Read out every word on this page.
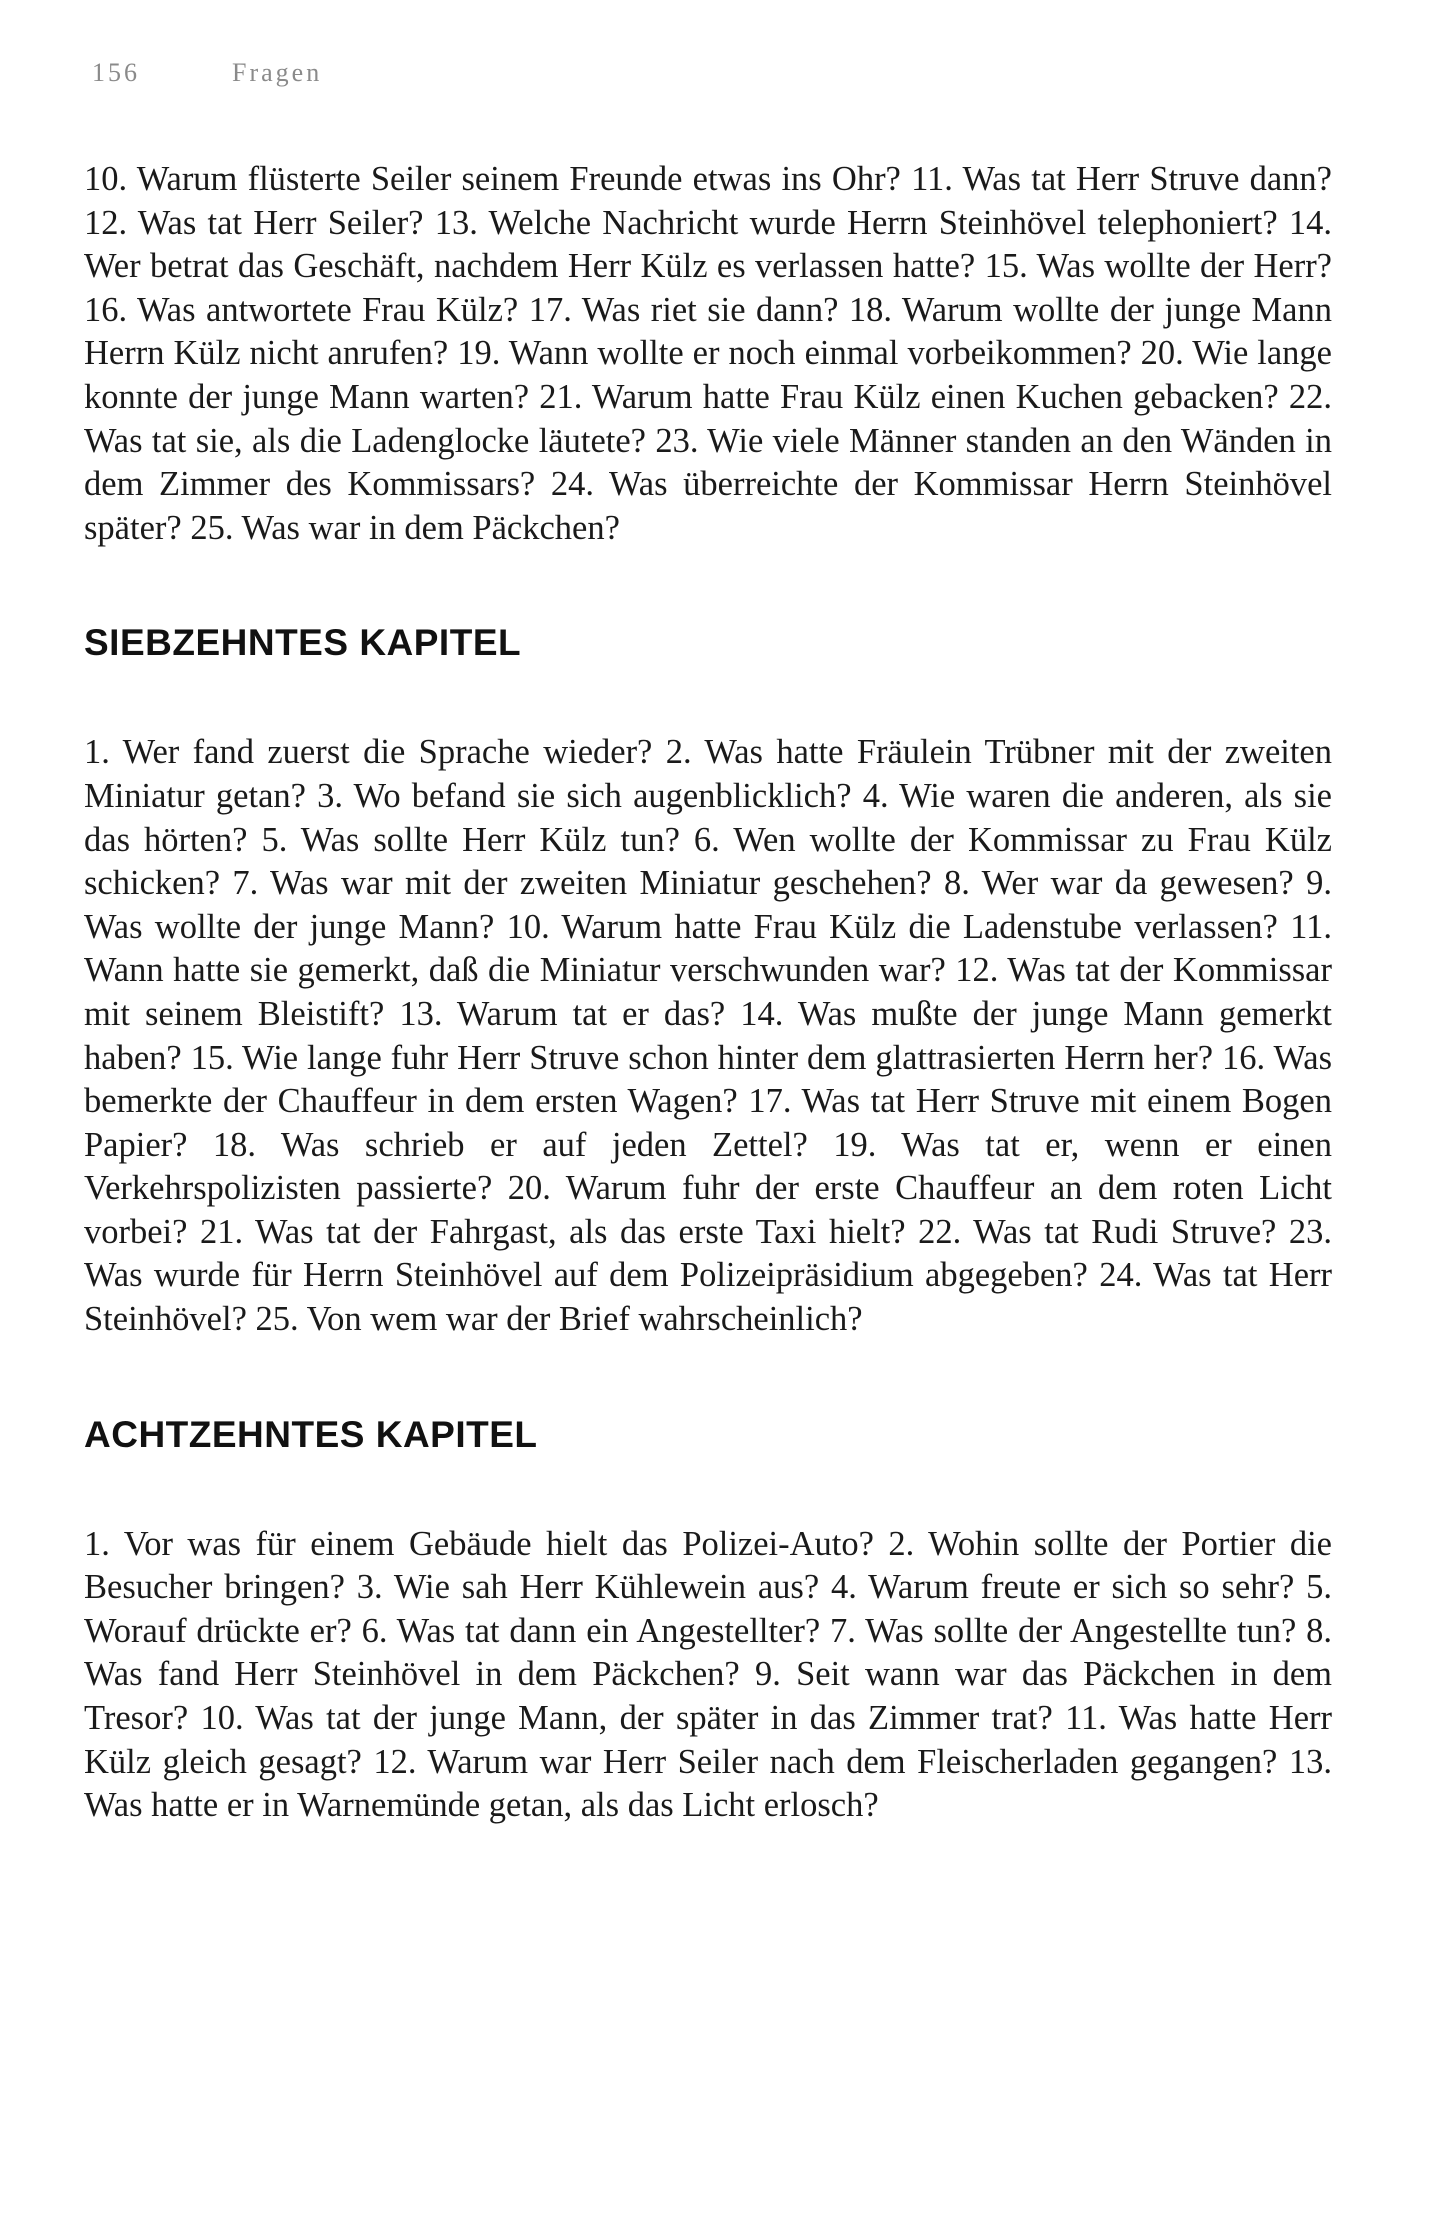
156	Fragen

10. Warum flüsterte Seiler seinem Freunde etwas ins Ohr? 11. Was tat Herr Struve dann? 12. Was tat Herr Seiler? 13. Welche Nachricht wurde Herrn Steinhövel telephoniert? 14. Wer betrat das Geschäft, nachdem Herr Külz es verlassen hatte? 15. Was wollte der Herr? 16. Was antwortete Frau Külz? 17. Was riet sie dann? 18. Warum wollte der junge Mann Herrn Külz nicht anrufen? 19. Wann wollte er noch einmal vorbeikommen? 20. Wie lange konnte der junge Mann warten? 21. Warum hatte Frau Külz einen Kuchen gebacken? 22. Was tat sie, als die Ladenglocke läutete? 23. Wie viele Männer standen an den Wänden in dem Zimmer des Kommissars? 24. Was überreichte der Kommissar Herrn Steinhövel später? 25. Was war in dem Päckchen?

SIEBZEHNTES KAPITEL

1. Wer fand zuerst die Sprache wieder? 2. Was hatte Fräulein Trübner mit der zweiten Miniatur getan? 3. Wo befand sie sich augenblicklich? 4. Wie waren die anderen, als sie das hörten? 5. Was sollte Herr Külz tun? 6. Wen wollte der Kommissar zu Frau Külz schicken? 7. Was war mit der zweiten Miniatur geschehen? 8. Wer war da gewesen? 9. Was wollte der junge Mann? 10. Warum hatte Frau Külz die Ladenstube verlassen? 11. Wann hatte sie gemerkt, daß die Miniatur verschwunden war? 12. Was tat der Kommissar mit seinem Bleistift? 13. Warum tat er das? 14. Was mußte der junge Mann gemerkt haben? 15. Wie lange fuhr Herr Struve schon hinter dem glattrasierten Herrn her? 16. Was bemerkte der Chauffeur in dem ersten Wagen? 17. Was tat Herr Struve mit einem Bogen Papier? 18. Was schrieb er auf jeden Zettel? 19. Was tat er, wenn er einen Verkehrspolizisten passierte? 20. Warum fuhr der erste Chauffeur an dem roten Licht vorbei? 21. Was tat der Fahrgast, als das erste Taxi hielt? 22. Was tat Rudi Struve? 23. Was wurde für Herrn Steinhövel auf dem Polizeipräsidium abgegeben? 24. Was tat Herr Steinhövel? 25. Von wem war der Brief wahrscheinlich?

ACHTZEHNTES KAPITEL

1. Vor was für einem Gebäude hielt das Polizei-Auto? 2. Wohin sollte der Portier die Besucher bringen? 3. Wie sah Herr Kühlewein aus? 4. Warum freute er sich so sehr? 5. Worauf drückte er? 6. Was tat dann ein Angestellter? 7. Was sollte der Angestellte tun? 8. Was fand Herr Steinhövel in dem Päckchen? 9. Seit wann war das Päckchen in dem Tresor? 10. Was tat der junge Mann, der später in das Zimmer trat? 11. Was hatte Herr Külz gleich gesagt? 12. Warum war Herr Seiler nach dem Fleischerladen gegangen? 13. Was hatte er in Warnemünde getan, als das Licht erlosch?
